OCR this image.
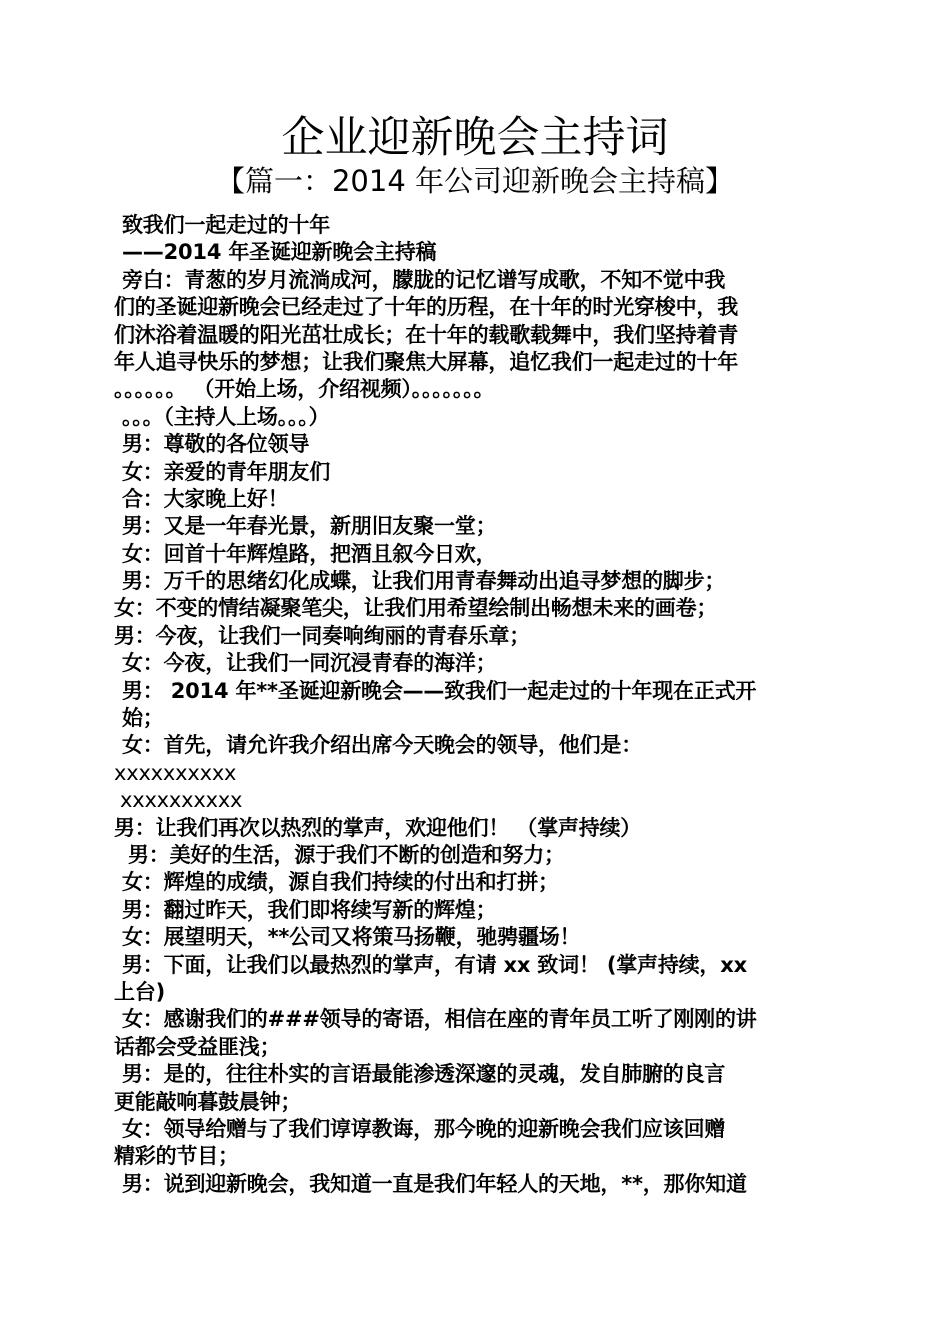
企业迎新晚会主持词
【篇一：2014 年公司迎新晚会主持稿】
致我们一起走过的十年
——2014 年圣诞迎新晚会主持稿
旁白：青葱的岁月流淌成河，朦胧的记忆谱写成歌，不知不觉中我
们的圣诞迎新晚会已经走过了十年的历程，在十年的时光穿梭中，我
们沐浴着温暖的阳光茁壮成长；在十年的载歌载舞中，我们坚持着青
年人追寻快乐的梦想；让我们聚焦大屏幕，追忆我们一起走过的十年
。。。。。。 （开始上场，介绍视频）。。。。。。。
。。。（主持人上场。。。）
男：尊敬的各位领导
女：亲爱的青年朋友们
合：大家晚上好！
男：又是一年春光景，新朋旧友聚一堂；
女：回首十年辉煌路，把酒且叙今日欢，
男：万千的思绪幻化成蝶，让我们用青春舞动出追寻梦想的脚步；
女：不变的情结凝聚笔尖，让我们用希望绘制出畅想未来的画卷；
男：今夜，让我们一同奏响绚丽的青春乐章；
女：今夜，让我们一同沉浸青春的海洋；
男： 2014 年**圣诞迎新晚会——致我们一起走过的十年现在正式开
始；
女：首先，请允许我介绍出席今天晚会的领导，他们是：
xxxxxxxxxx
xxxxxxxxxx
男：让我们再次以热烈的掌声，欢迎他们！ （掌声持续）
男：美好的生活，源于我们不断的创造和努力；
女：辉煌的成绩，源自我们持续的付出和打拼；
男：翻过昨天，我们即将续写新的辉煌；
女：展望明天，**公司又将策马扬鞭，驰骋疆场！
男：下面，让我们以最热烈的掌声，有请 xx 致词！ (掌声持续，xx
上台)
女：感谢我们的###领导的寄语，相信在座的青年员工听了刚刚的讲
话都会受益匪浅；
男：是的，往往朴实的言语最能渗透深邃的灵魂，发自肺腑的良言
更能敲响暮鼓晨钟；
女：领导给赠与了我们谆谆教诲，那今晚的迎新晚会我们应该回赠
精彩的节目；
男：说到迎新晚会，我知道一直是我们年轻人的天地，**，那你知道
